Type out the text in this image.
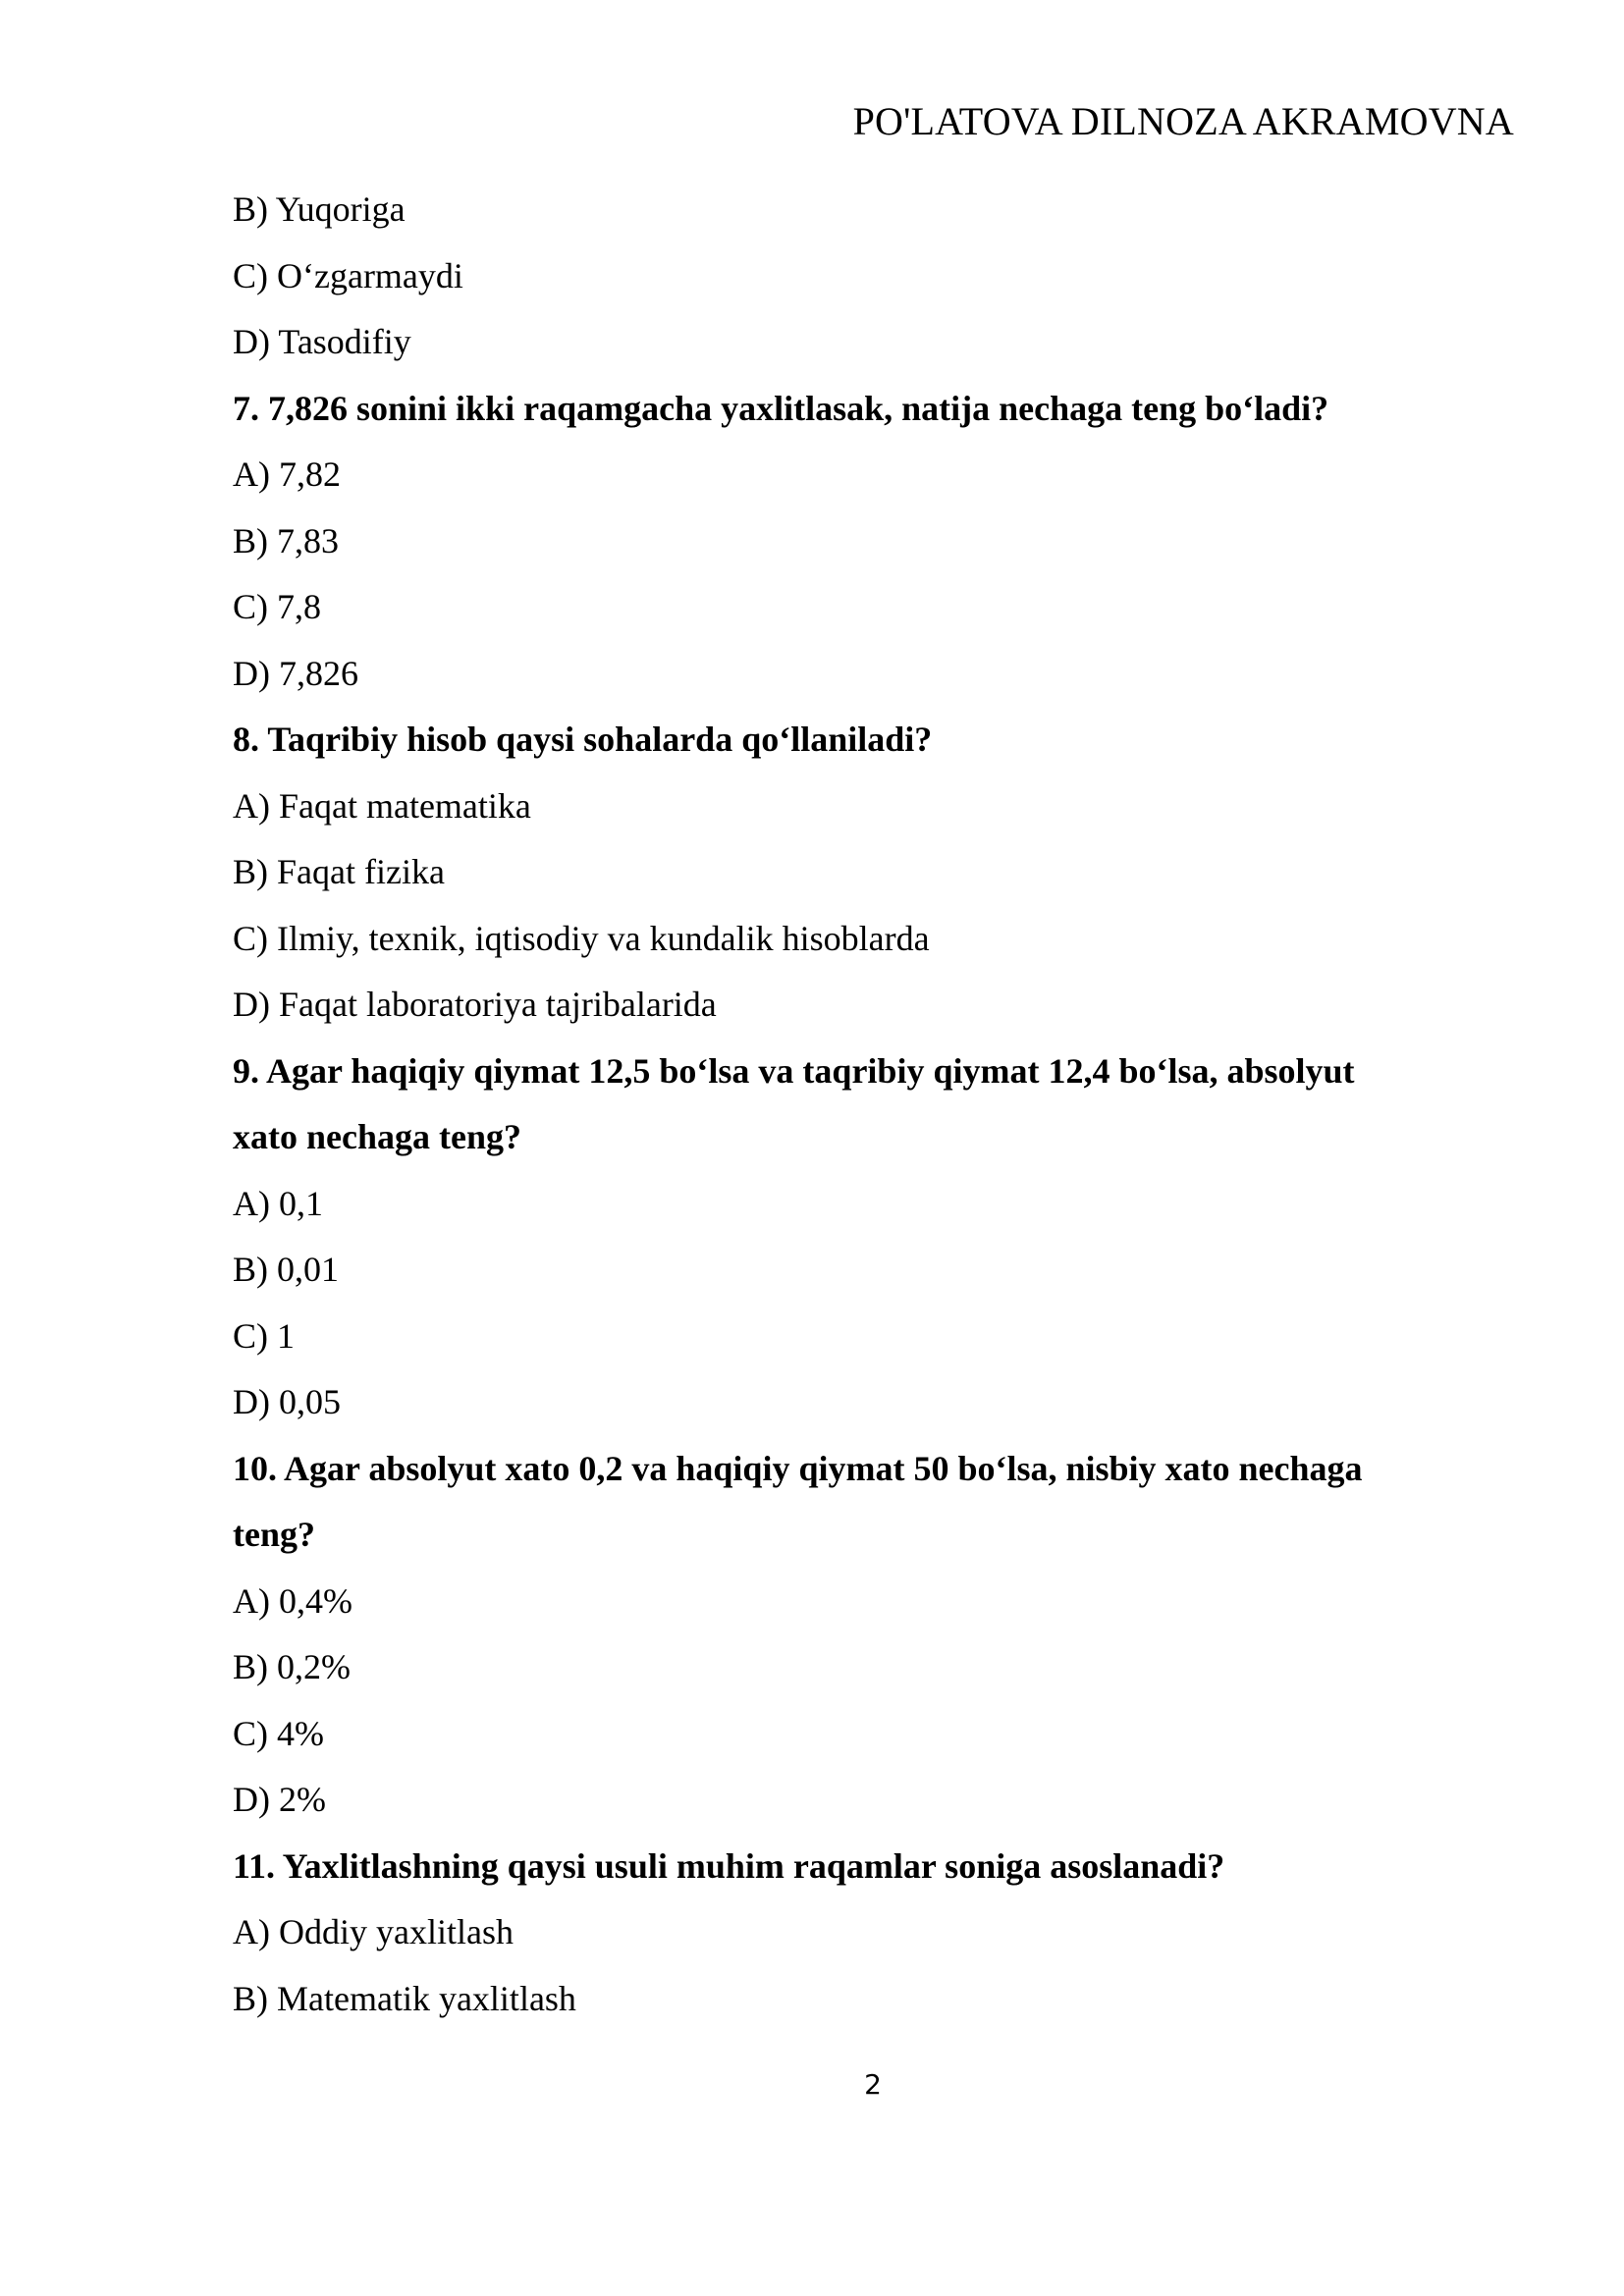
PO'LATOVA DILNOZA AKRAMOVNA
B) Yuqoriga
C) O‘zgarmaydi
D) Tasodifiy
7. 7,826 sonini ikki raqamgacha yaxlitlasak, natija nechaga teng bo‘ladi?
A) 7,82
B) 7,83
C) 7,8
D) 7,826
8. Taqribiy hisob qaysi sohalarda qo‘llaniladi?
A) Faqat matematika
B) Faqat fizika
C) Ilmiy, texnik, iqtisodiy va kundalik hisoblarda
D) Faqat laboratoriya tajribalarida
9. Agar haqiqiy qiymat 12,5 bo‘lsa va taqribiy qiymat 12,4 bo‘lsa, absolyut
xato nechaga teng?
A) 0,1
B) 0,01
C) 1
D) 0,05
10. Agar absolyut xato 0,2 va haqiqiy qiymat 50 bo‘lsa, nisbiy xato nechaga
teng?
A) 0,4%
B) 0,2%
C) 4%
D) 2%
11. Yaxlitlashning qaysi usuli muhim raqamlar soniga asoslanadi?
A) Oddiy yaxlitlash
B) Matematik yaxlitlash
2
